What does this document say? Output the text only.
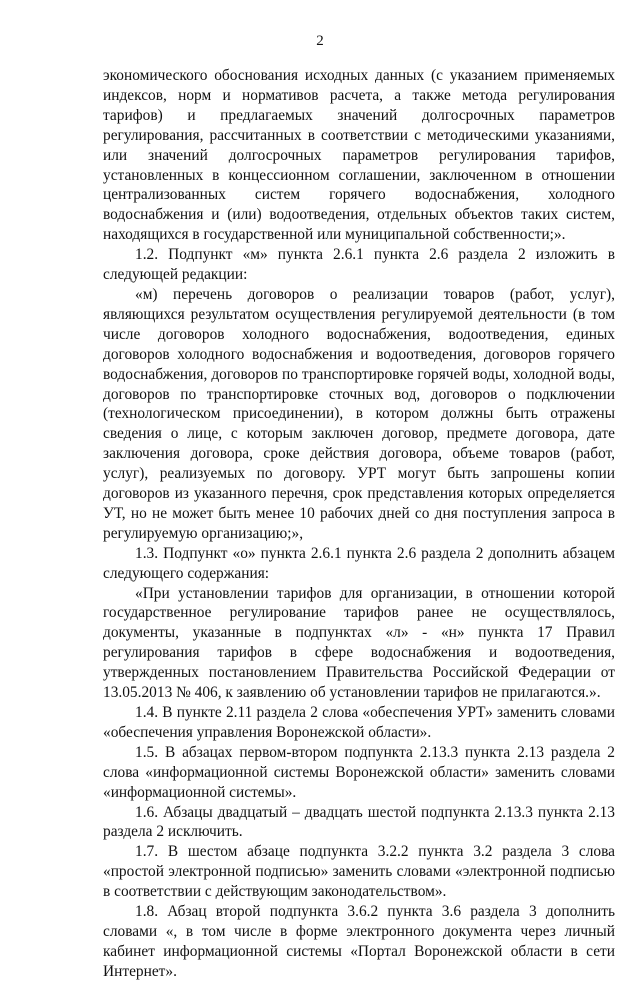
2

экономического обоснования исходных данных (с указанием применяемых индексов, норм и нормативов расчета, а также метода регулирования тарифов) и предлагаемых значений долгосрочных параметров регулирования, рассчитанных в соответствии с методическими указаниями, или значений долгосрочных параметров регулирования тарифов, установленных в концессионном соглашении, заключенном в отношении централизованных систем горячего водоснабжения, холодного водоснабжения и (или) водоотведения, отдельных объектов таких систем, находящихся в государственной или муниципальной собственности;».

1.2. Подпункт «м» пункта 2.6.1 пункта 2.6 раздела 2 изложить в следующей редакции:

«м) перечень договоров о реализации товаров (работ, услуг), являющихся результатом осуществления регулируемой деятельности (в том числе договоров холодного водоснабжения, водоотведения, единых договоров холодного водоснабжения и водоотведения, договоров горячего водоснабжения, договоров по транспортировке горячей воды, холодной воды, договоров по транспортировке сточных вод, договоров о подключении (технологическом присоединении), в котором должны быть отражены сведения о лице, с которым заключен договор, предмете договора, дате заключения договора, сроке действия договора, объеме товаров (работ, услуг), реализуемых по договору. УРТ могут быть запрошены копии договоров из указанного перечня, срок представления которых определяется УТ, но не может быть менее 10 рабочих дней со дня поступления запроса в регулируемую организацию;»,

1.3. Подпункт «о» пункта 2.6.1 пункта 2.6 раздела 2 дополнить абзацем следующего содержания:

«При установлении тарифов для организации, в отношении которой государственное регулирование тарифов ранее не осуществлялось, документы, указанные в подпунктах «л» - «н» пункта 17 Правил регулирования тарифов в сфере водоснабжения и водоотведения, утвержденных постановлением Правительства Российской Федерации от 13.05.2013 № 406, к заявлению об установлении тарифов не прилагаются.».

1.4. В пункте 2.11 раздела 2 слова «обеспечения УРТ» заменить словами «обеспечения управления Воронежской области».

1.5. В абзацах первом-втором подпункта 2.13.3 пункта 2.13 раздела 2 слова «информационной системы Воронежской области» заменить словами «информационной системы».

1.6. Абзацы двадцатый – двадцать шестой подпункта 2.13.3 пункта 2.13 раздела 2 исключить.

1.7. В шестом абзаце подпункта 3.2.2 пункта 3.2 раздела 3 слова «простой электронной подписью» заменить словами «электронной подписью в соответствии с действующим законодательством».

1.8. Абзац второй подпункта 3.6.2 пункта 3.6 раздела 3 дополнить словами «, в том числе в форме электронного документа через личный кабинет информационной системы «Портал Воронежской области в сети Интернет».
